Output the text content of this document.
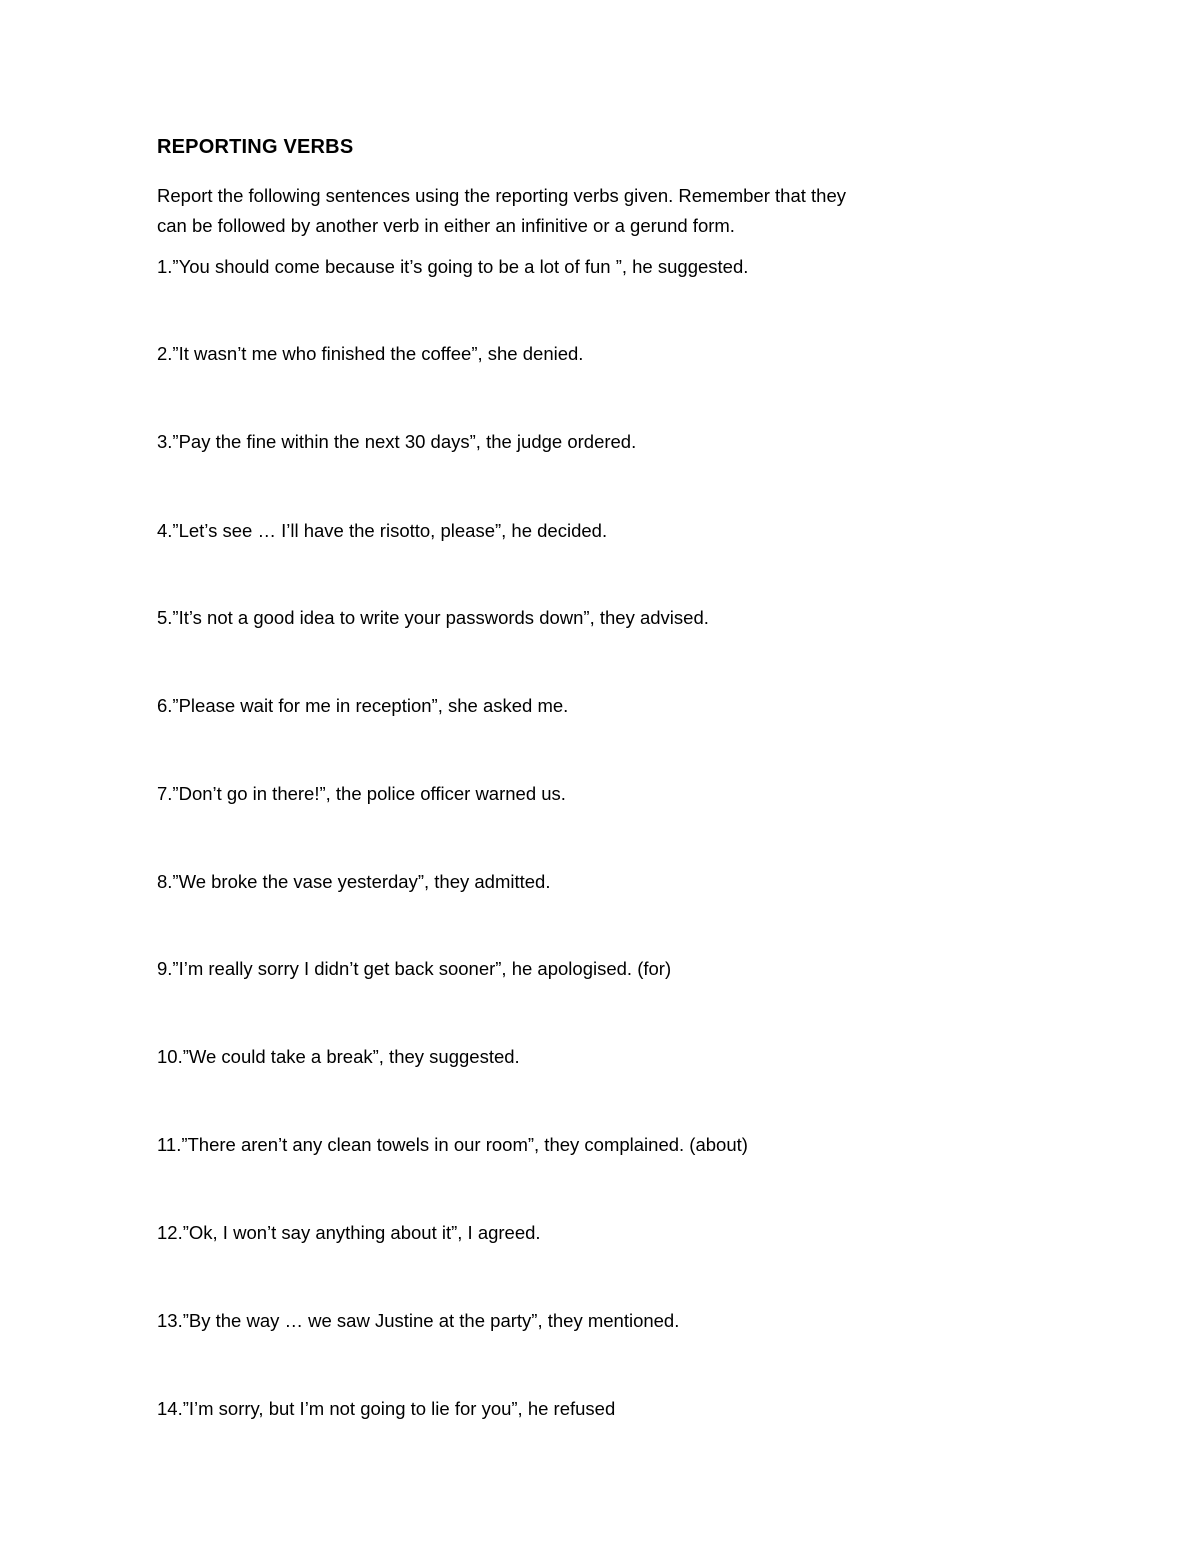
REPORTING VERBS
Report the following sentences using the reporting verbs given. Remember that they
can be followed by another verb in either an infinitive or a gerund form.
1.”You should come because it’s going to be a lot of fun ”, he suggested.
2.”It wasn’t me who finished the coffee”, she denied.
3.”Pay the fine within the next 30 days”, the judge ordered.
4.”Let’s see … I’ll have the risotto, please”, he decided.
5.”It’s not a good idea to write your passwords down”, they advised.
6.”Please wait for me in reception”, she asked me.
7.”Don’t go in there!”, the police officer warned us.
8.”We broke the vase yesterday”, they admitted.
9.”I’m really sorry I didn’t get back sooner”, he apologised. (for)
10.”We could take a break”, they suggested.
11.”There aren’t any clean towels in our room”, they complained. (about)
12.”Ok, I won’t say anything about it”, I agreed.
13.”By the way … we saw Justine at the party”, they mentioned.
14.”I’m sorry, but I’m not going to lie for you”, he refused
